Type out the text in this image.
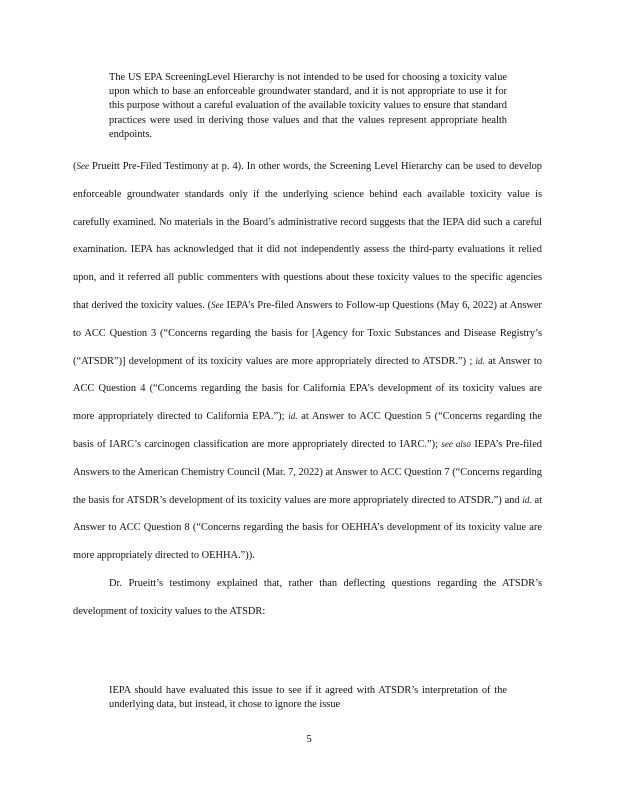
The US EPA ScreeningLevel Hierarchy is not intended to be used for choosing a toxicity value upon which to base an enforceable groundwater standard, and it is not appropriate to use it for this purpose without a careful evaluation of the available toxicity values to ensure that standard practices were used in deriving those values and that the values represent appropriate health endpoints.

(See Prueitt Pre-Filed Testimony at p. 4). In other words, the Screening Level Hierarchy can be used to develop enforceable groundwater standards only if the underlying science behind each available toxicity value is carefully examined. No materials in the Board’s administrative record suggests that the IEPA did such a careful examination. IEPA has acknowledged that it did not independently assess the third-party evaluations it relied upon, and it referred all public commenters with questions about these toxicity values to the specific agencies that derived the toxicity values. (See IEPA’s Pre-filed Answers to Follow-up Questions (May 6, 2022) at Answer to ACC Question 3 (“Concerns regarding the basis for [Agency for Toxic Substances and Disease Registry’s (“ATSDR”)] development of its toxicity values are more appropriately directed to ATSDR.”) ; id. at Answer to ACC Question 4 (“Concerns regarding the basis for California EPA’s development of its toxicity values are more appropriately directed to California EPA.”); id. at Answer to ACC Question 5 (“Concerns regarding the basis of IARC’s carcinogen classification are more appropriately directed to IARC.”); see also IEPA’s Pre-filed Answers to the American Chemistry Council (Mar. 7, 2022) at Answer to ACC Question 7 (“Concerns regarding the basis for ATSDR’s development of its toxicity values are more appropriately directed to ATSDR.”) and id. at Answer to ACC Question 8 (“Concerns regarding the basis for OEHHA’s development of its toxicity value are more appropriately directed to OEHHA.”)).

Dr. Prueitt’s testimony explained that, rather than deflecting questions regarding the ATSDR’s development of toxicity values to the ATSDR:

IEPA should have evaluated this issue to see if it agreed with ATSDR’s interpretation of the underlying data, but instead, it chose to ignore the issue
5
